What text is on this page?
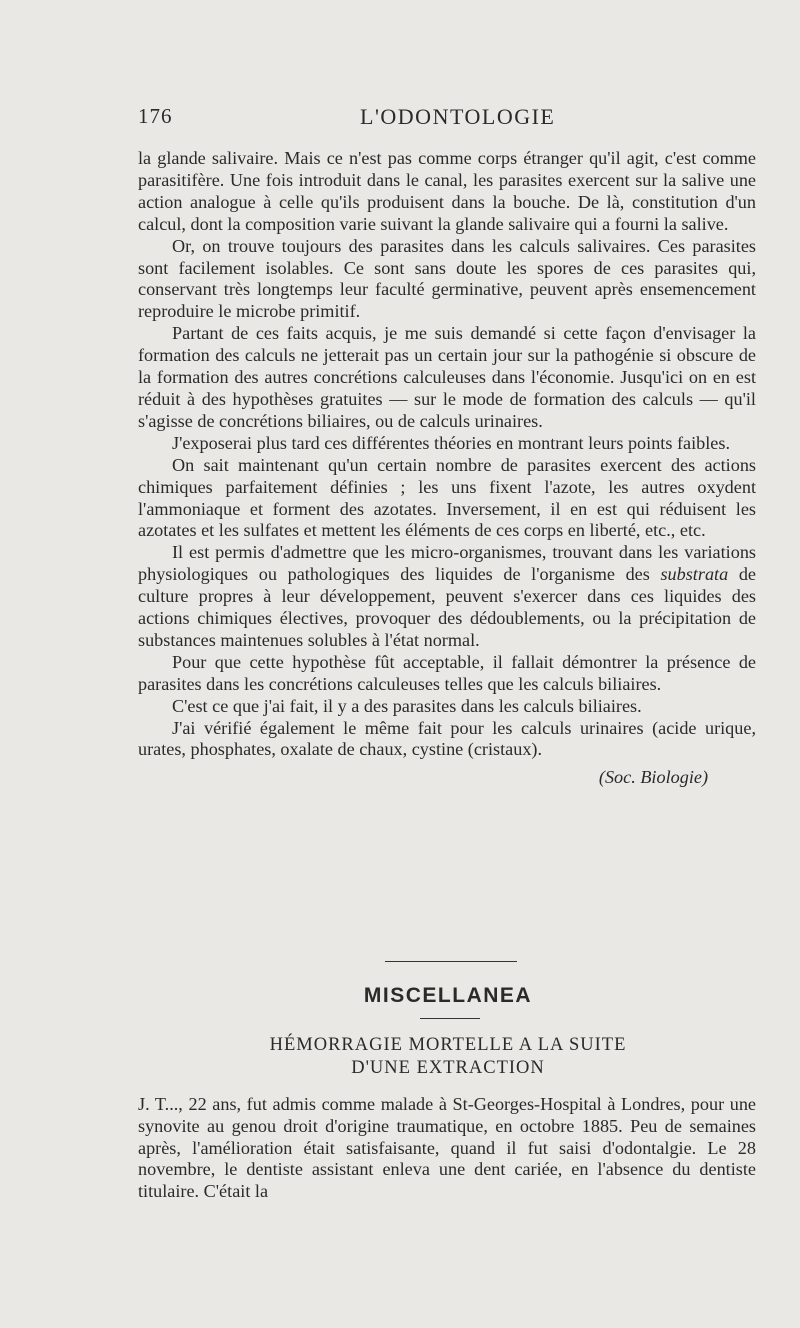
176	L'ODONTOLOGIE

la glande salivaire. Mais ce n'est pas comme corps étranger qu'il agit, c'est comme parasitifère. Une fois introduit dans le canal, les parasites exercent sur la salive une action analogue à celle qu'ils produisent dans la bouche. De là, constitution d'un calcul, dont la composition varie suivant la glande salivaire qui a fourni la salive.

Or, on trouve toujours des parasites dans les calculs salivaires. Ces parasites sont facilement isolables. Ce sont sans doute les spores de ces parasites qui, conservant très longtemps leur faculté germinative, peuvent après ensemencement reproduire le microbe primitif.

Partant de ces faits acquis, je me suis demandé si cette façon d'envisager la formation des calculs ne jetterait pas un certain jour sur la pathogénie si obscure de la formation des autres concrétions calculeuses dans l'économie. Jusqu'ici on en est réduit à des hypothèses gratuites — sur le mode de formation des calculs — qu'il s'agisse de concrétions biliaires, ou de calculs urinaires.

J'exposerai plus tard ces différentes théories en montrant leurs points faibles.

On sait maintenant qu'un certain nombre de parasites exercent des actions chimiques parfaitement définies ; les uns fixent l'azote, les autres oxydent l'ammoniaque et forment des azotates. Inversement, il en est qui réduisent les azotates et les sulfates et mettent les éléments de ces corps en liberté, etc., etc.

Il est permis d'admettre que les micro-organismes, trouvant dans les variations physiologiques ou pathologiques des liquides de l'organisme des substrata de culture propres à leur développement, peuvent s'exercer dans ces liquides des actions chimiques électives, provoquer des dédoublements, ou la précipitation de substances maintenues solubles à l'état normal.

Pour que cette hypothèse fût acceptable, il fallait démontrer la présence de parasites dans les concrétions calculeuses telles que les calculs biliaires.

C'est ce que j'ai fait, il y a des parasites dans les calculs biliaires.

J'ai vérifié également le même fait pour les calculs urinaires (acide urique, urates, phosphates, oxalate de chaux, cystine (cristaux).

(Soc. Biologie)

MISCELLANEA
HÉMORRAGIE MORTELLE A LA SUITE
D'UNE EXTRACTION

J. T..., 22 ans, fut admis comme malade à St-Georges-Hospital à Londres, pour une synovite au genou droit d'origine traumatique, en octobre 1885. Peu de semaines après, l'amélioration était satisfaisante, quand il fut saisi d'odontalgie. Le 28 novembre, le dentiste assistant enleva une dent cariée, en l'absence du dentiste titulaire. C'était la
